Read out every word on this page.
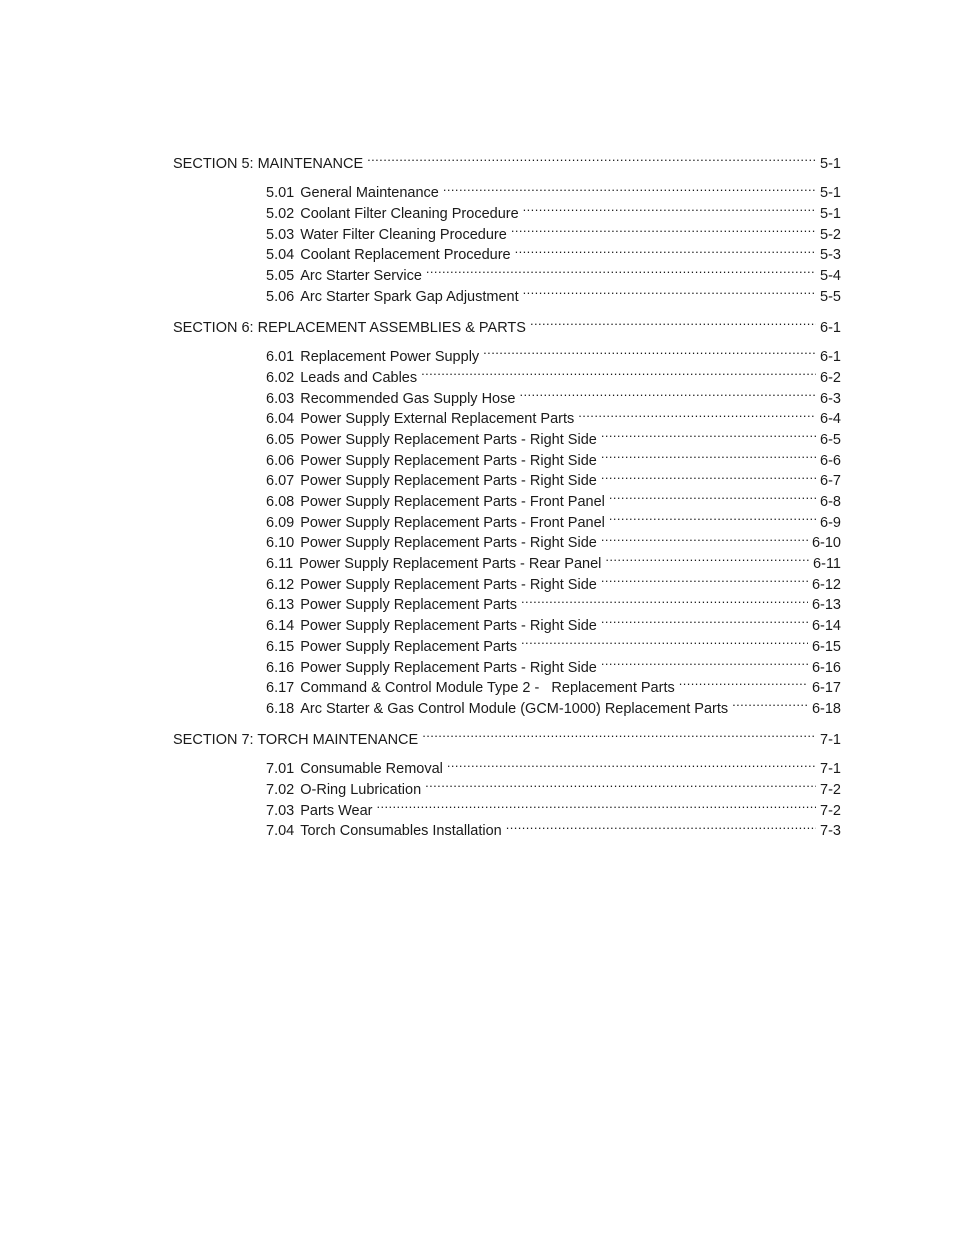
SECTION 5: MAINTENANCE .....	5-1
5.01 General Maintenance .....	5-1
5.02 Coolant Filter Cleaning Procedure .....	5-1
5.03 Water Filter Cleaning Procedure .....	5-2
5.04 Coolant Replacement Procedure .....	5-3
5.05 Arc Starter Service .....	5-4
5.06 Arc Starter Spark Gap Adjustment .....	5-5
SECTION 6: REPLACEMENT ASSEMBLIES & PARTS .....	6-1
6.01 Replacement Power Supply .....	6-1
6.02 Leads and Cables .....	6-2
6.03 Recommended Gas Supply Hose .....	6-3
6.04 Power Supply External Replacement Parts .....	6-4
6.05 Power Supply Replacement Parts - Right Side .....	6-5
6.06 Power Supply Replacement Parts - Right Side .....	6-6
6.07 Power Supply Replacement Parts - Right Side .....	6-7
6.08 Power Supply Replacement Parts - Front Panel .....	6-8
6.09 Power Supply Replacement Parts - Front Panel .....	6-9
6.10 Power Supply Replacement Parts - Right Side .....	6-10
6.11 Power Supply Replacement Parts - Rear Panel .....	6-11
6.12 Power Supply Replacement Parts - Right Side .....	6-12
6.13 Power Supply Replacement Parts .....	6-13
6.14 Power Supply Replacement Parts - Right Side .....	6-14
6.15 Power Supply Replacement Parts .....	6-15
6.16 Power Supply Replacement Parts - Right Side .....	6-16
6.17 Command & Control Module Type 2 -   Replacement Parts .....	6-17
6.18 Arc Starter & Gas Control Module (GCM-1000) Replacement Parts .....	6-18
SECTION 7: TORCH MAINTENANCE .....	7-1
7.01 Consumable Removal .....	7-1
7.02 O-Ring Lubrication .....	7-2
7.03 Parts Wear .....	7-2
7.04 Torch Consumables Installation .....	7-3
